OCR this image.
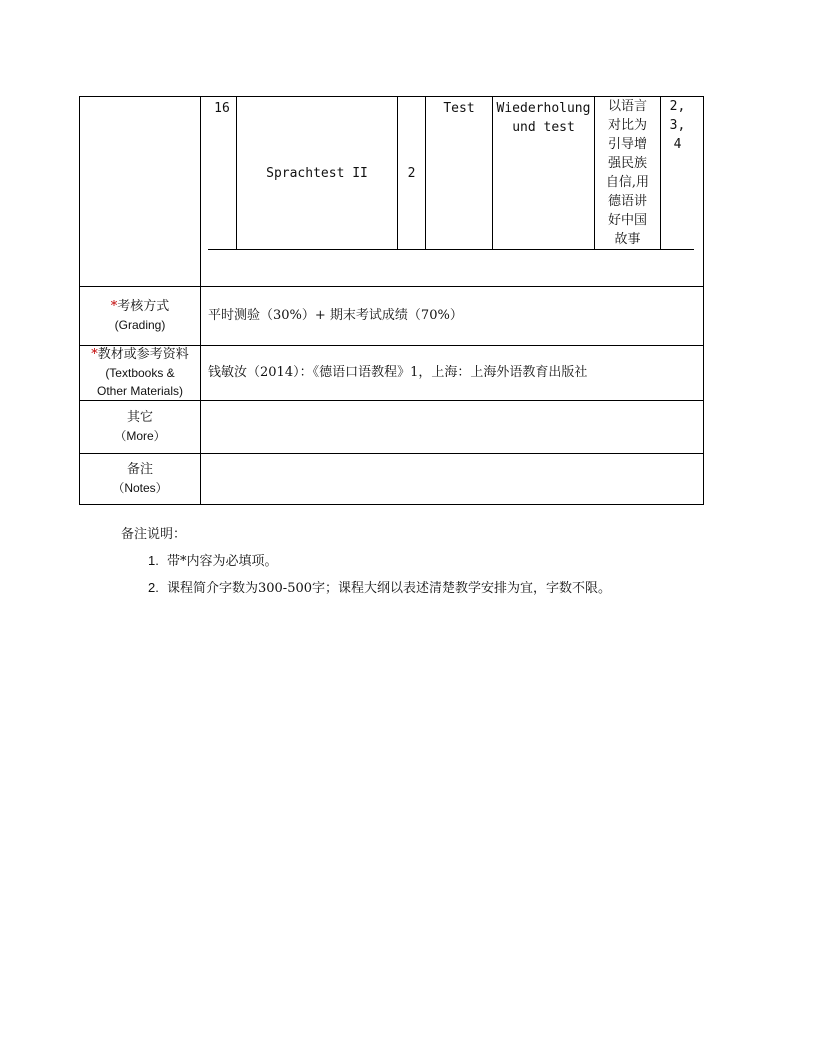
16
Sprachtest II	2
Test	Wiederholung
und test
以语言
对比为
引导增
强民族
自信,用
德语讲
好中国
故事
2,
3,
4
*考核方式
(Grading)
平时测验（30%）+ 期末考试成绩（70%）
*教材或参考资料
(Textbooks &
Other Materials)
钱敏汝（2014）：《德语口语教程》1，上海：上海外语教育出版社
其它
（More）
备注
（Notes）
备注说明：
1. 带*内容为必填项。
2. 课程简介字数为300-500字；课程大纲以表述清楚教学安排为宜，字数不限。
